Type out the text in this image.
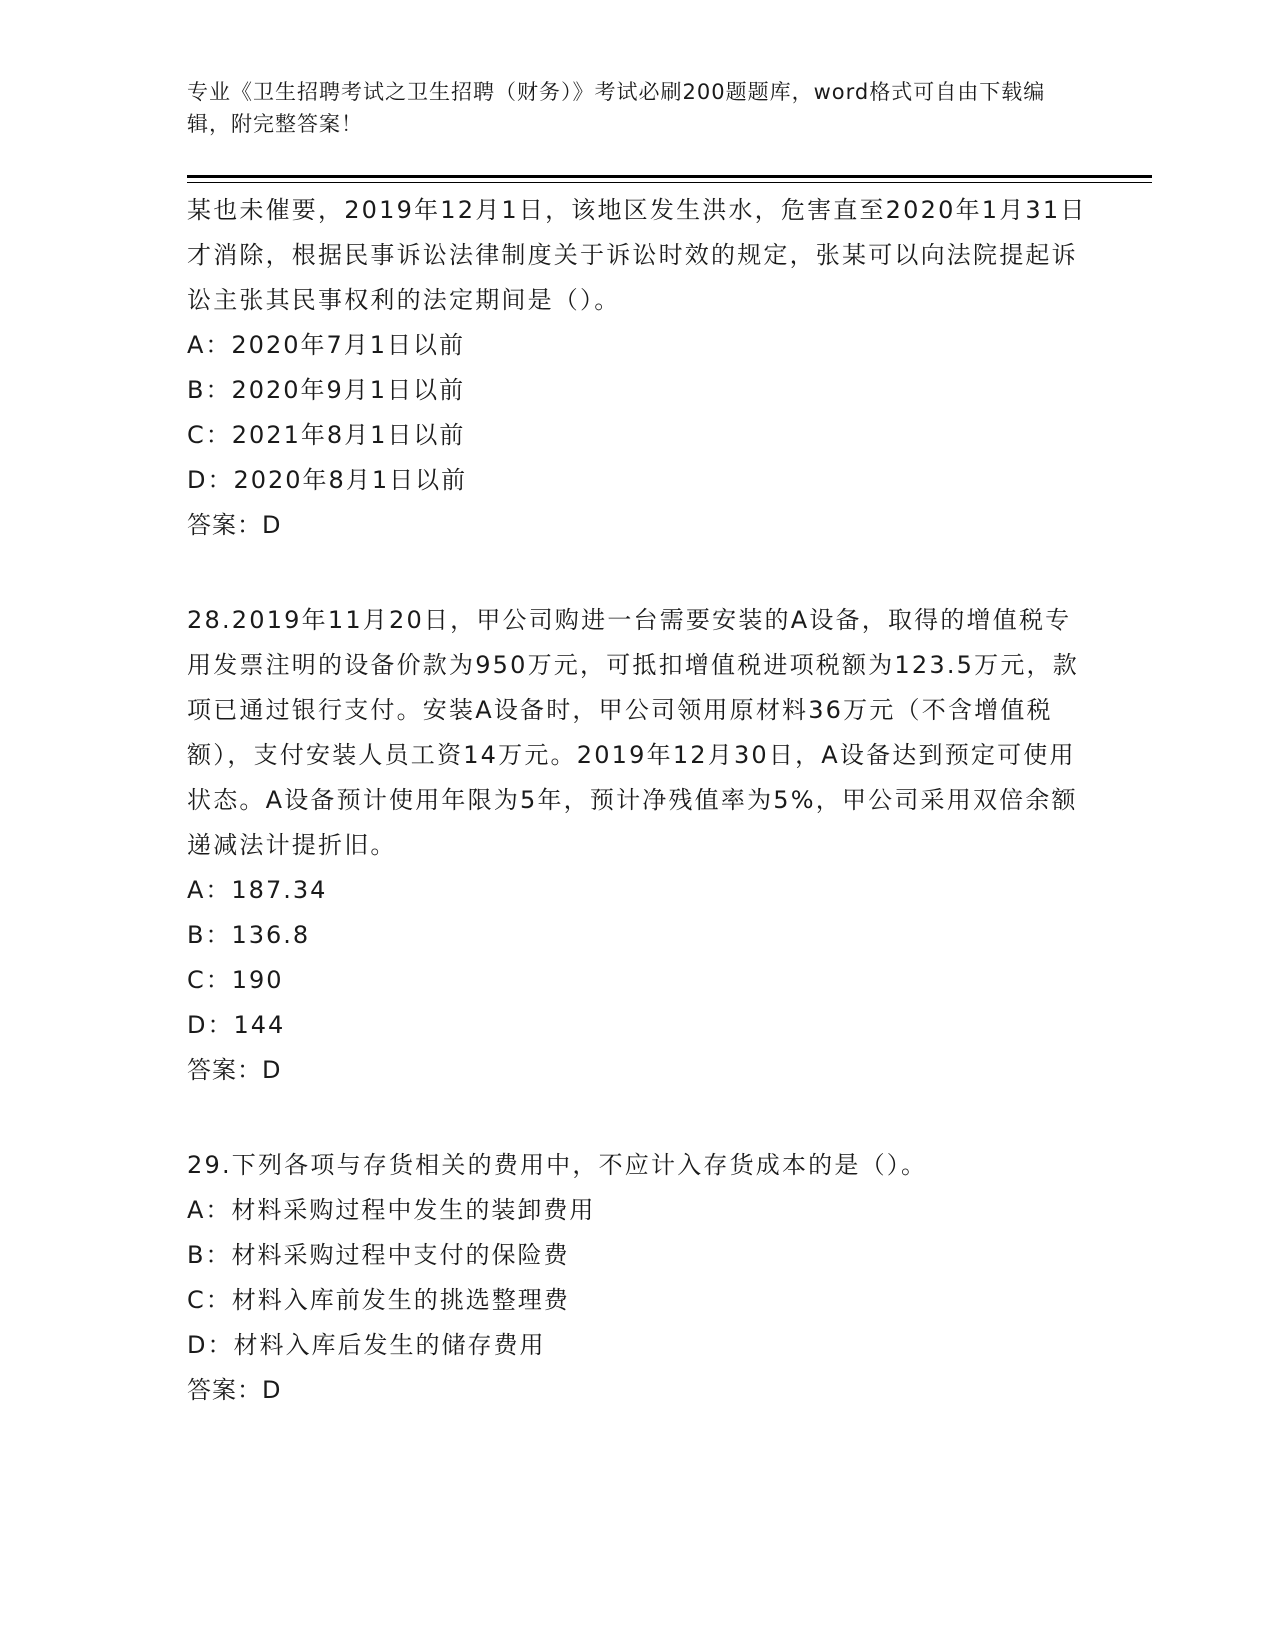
专业《卫生招聘考试之卫生招聘（财务）》考试必刷200题题库，word格式可自由下载编辑，附完整答案！

某也未催要，2019年12月1日，该地区发生洪水，危害直至2020年1月31日才消除，根据民事诉讼法律制度关于诉讼时效的规定，张某可以向法院提起诉讼主张其民事权利的法定期间是（）。

A：2020年7月1日以前

B：2020年9月1日以前

C：2021年8月1日以前

D：2020年8月1日以前

答案：D

28.2019年11月20日，甲公司购进一台需要安装的A设备，取得的增值税专用发票注明的设备价款为950万元，可抵扣增值税进项税额为123.5万元，款项已通过银行支付。安装A设备时，甲公司领用原材料36万元（不含增值税额），支付安装人员工资14万元。2019年12月30日，A设备达到预定可使用状态。A设备预计使用年限为5年，预计净残值率为5%，甲公司采用双倍余额递减法计提折旧。

A：187.34

B：136.8

C：190

D：144

答案：D

29.下列各项与存货相关的费用中，不应计入存货成本的是（）。

A：材料采购过程中发生的装卸费用

B：材料采购过程中支付的保险费

C：材料入库前发生的挑选整理费

D：材料入库后发生的储存费用

答案：D
